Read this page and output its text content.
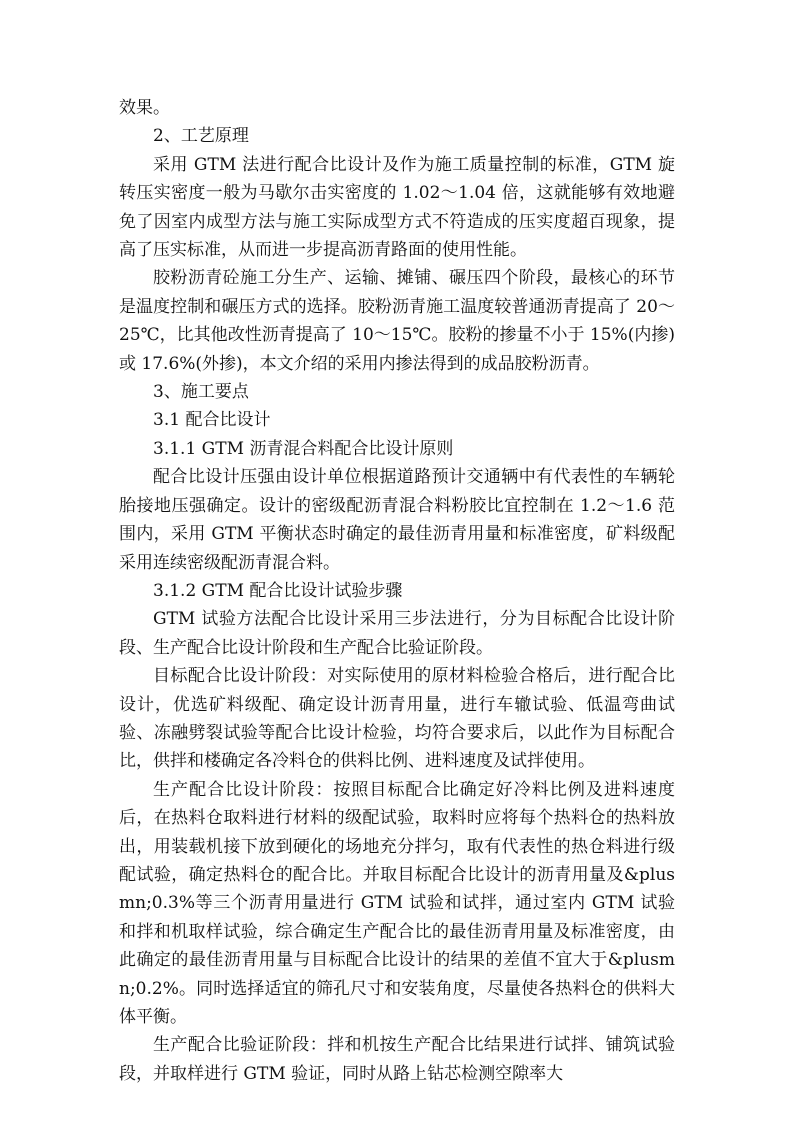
效果。

2、工艺原理

采用 GTM 法进行配合比设计及作为施工质量控制的标准，GTM 旋转压实密度一般为马歇尔击实密度的 1.02～1.04 倍，这就能够有效地避免了因室内成型方法与施工实际成型方式不符造成的压实度超百现象，提高了压实标准，从而进一步提高沥青路面的使用性能。

胶粉沥青砼施工分生产、运输、摊铺、碾压四个阶段，最核心的环节是温度控制和碾压方式的选择。胶粉沥青施工温度较普通沥青提高了 20～25℃，比其他改性沥青提高了 10～15℃。胶粉的掺量不小于 15%(内掺)或 17.6%(外掺)，本文介绍的采用内掺法得到的成品胶粉沥青。

3、施工要点

3.1 配合比设计

3.1.1 GTM 沥青混合料配合比设计原则

配合比设计压强由设计单位根据道路预计交通辆中有代表性的车辆轮胎接地压强确定。设计的密级配沥青混合料粉胶比宜控制在 1.2～1.6 范围内，采用 GTM 平衡状态时确定的最佳沥青用量和标准密度，矿料级配采用连续密级配沥青混合料。

3.1.2 GTM 配合比设计试验步骤

GTM 试验方法配合比设计采用三步法进行，分为目标配合比设计阶段、生产配合比设计阶段和生产配合比验证阶段。

目标配合比设计阶段：对实际使用的原材料检验合格后，进行配合比设计，优选矿料级配、确定设计沥青用量，进行车辙试验、低温弯曲试验、冻融劈裂试验等配合比设计检验，均符合要求后，以此作为目标配合比，供拌和楼确定各冷料仓的供料比例、进料速度及试拌使用。

生产配合比设计阶段：按照目标配合比确定好冷料比例及进料速度后，在热料仓取料进行材料的级配试验，取料时应将每个热料仓的热料放出，用装载机接下放到硬化的场地充分拌匀，取有代表性的热仓料进行级配试验，确定热料仓的配合比。并取目标配合比设计的沥青用量及&plusmn;0.3%等三个沥青用量进行 GTM 试验和试拌，通过室内 GTM 试验和拌和机取样试验，综合确定生产配合比的最佳沥青用量及标准密度，由此确定的最佳沥青用量与目标配合比设计的结果的差值不宜大于&plusmn;0.2%。同时选择适宜的筛孔尺寸和安装角度，尽量使各热料仓的供料大体平衡。

生产配合比验证阶段：拌和机按生产配合比结果进行试拌、铺筑试验段，并取样进行 GTM 验证，同时从路上钻芯检测空隙率大
